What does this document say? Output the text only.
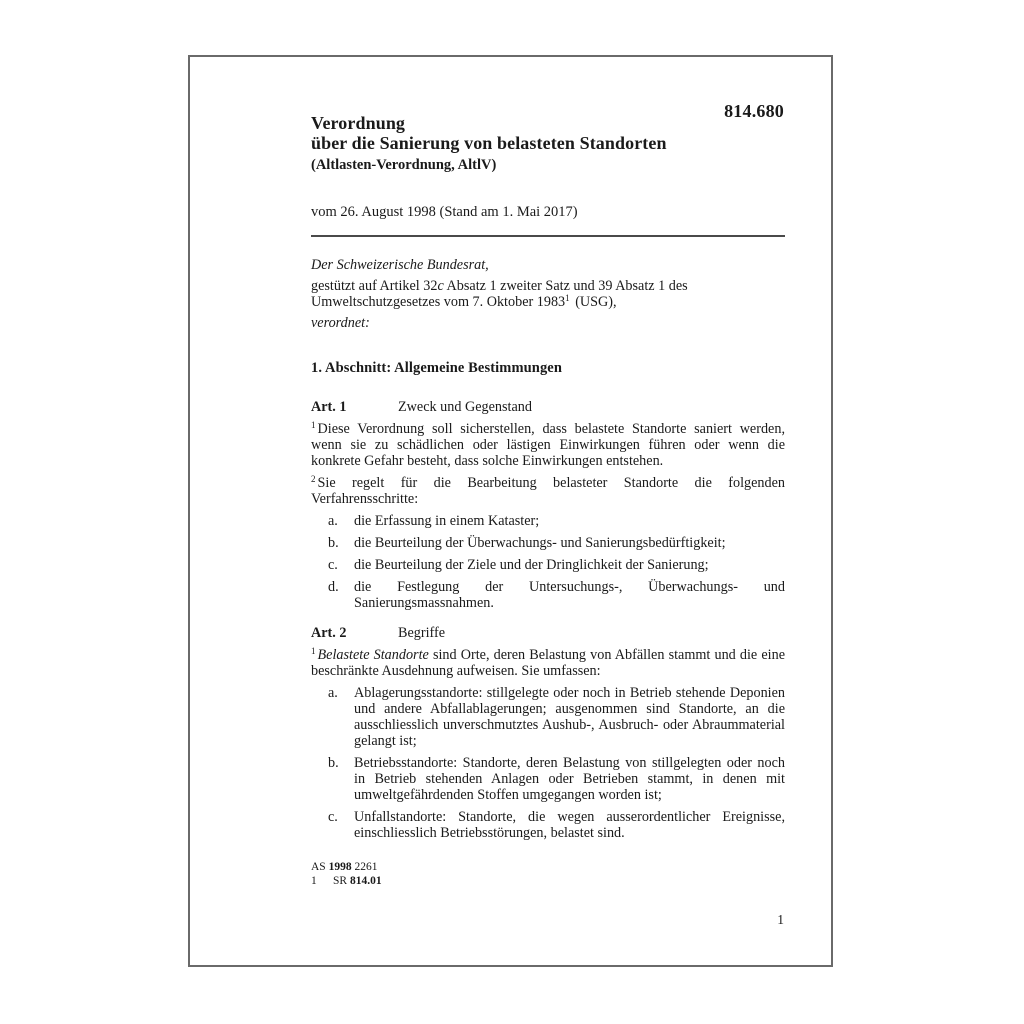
814.680
Verordnung
über die Sanierung von belasteten Standorten
(Altlasten-Verordnung, AltlV)
vom 26. August 1998 (Stand am 1. Mai 2017)

Der Schweizerische Bundesrat,

gestützt auf Artikel 32c Absatz 1 zweiter Satz und 39 Absatz 1 des Umweltschutzgesetzes vom 7. Oktober 1983$^1$ (USG),

verordnet:

1. Abschnitt: Allgemeine Bestimmungen
Art. 1	Zweck und Gegenstand

$^1$ Diese Verordnung soll sicherstellen, dass belastete Standorte saniert werden, wenn sie zu schädlichen oder lästigen Einwirkungen führen oder wenn die konkrete Gefahr besteht, dass solche Einwirkungen entstehen.

$^2$ Sie regelt für die Bearbeitung belasteter Standorte die folgenden Verfahrensschritte:

a.	die Erfassung in einem Kataster;
b.	die Beurteilung der Überwachungs- und Sanierungsbedürftigkeit;
c.	die Beurteilung der Ziele und der Dringlichkeit der Sanierung;
d.	die Festlegung der Untersuchungs-, Überwachungs- und Sanierungsmassnahmen.
Art. 2	Begriffe

$^1$ Belastete Standorte sind Orte, deren Belastung von Abfällen stammt und die eine beschränkte Ausdehnung aufweisen. Sie umfassen:

a.	Ablagerungsstandorte: stillgelegte oder noch in Betrieb stehende Deponien und andere Abfallablagerungen; ausgenommen sind Standorte, an die ausschliesslich unverschmutztes Aushub-, Ausbruch- oder Abraummaterial gelangt ist;
b.	Betriebsstandorte: Standorte, deren Belastung von stillgelegten oder noch in Betrieb stehenden Anlagen oder Betrieben stammt, in denen mit umweltgefährdenden Stoffen umgegangen worden ist;
c.	Unfallstandorte: Standorte, die wegen ausserordentlicher Ereignisse, einschliesslich Betriebsstörungen, belastet sind.
AS 1998 2261
1	SR
814.01
1
